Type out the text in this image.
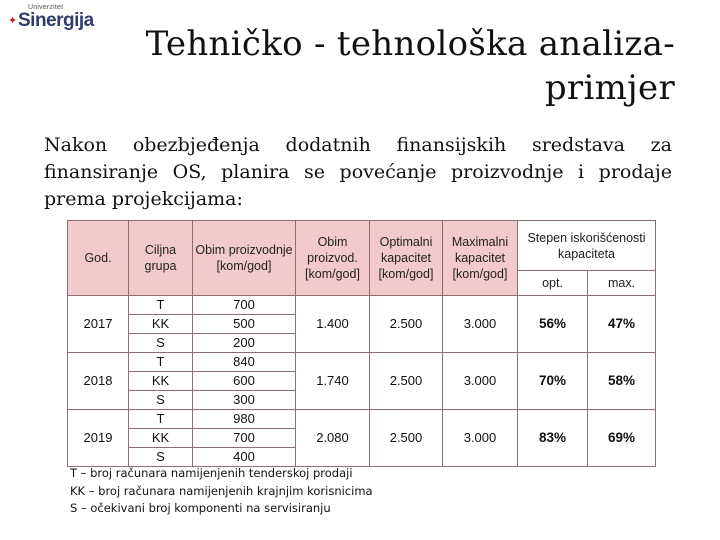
✦
Univerzitet
Sinergija
Tehničko - tehnološka analiza-
primjer
Nakon obezbjeđenja dodatnih finansijskih sredstava za finansiranje OS, planira se povećanje proizvodnje i prodaje prema projekcijama:
God.	Ciljna grupa	Obim proizvodnje [kom/god]	Obim proizvod. [kom/god]	Optimalni kapacitet [kom/god]	Maximalni kapacitet [kom/god]	Stepen iskorišćenosti kapaciteta	
						opt.	max.
2017	T	700	1.400	2.500	3.000	56%	47%
	KK	500					
	S	200					
2018	T	840	1.740	2.500	3.000	70%	58%
	KK	600					
	S	300					
2019	T	980	2.080	2.500	3.000	83%	69%
	KK	700					
	S	400					
T – broj računara namijenjenih tenderskoj prodaji
KK – broj računara namijenjenih krajnjim korisnicima
S – očekivani broj komponenti na servisiranju
